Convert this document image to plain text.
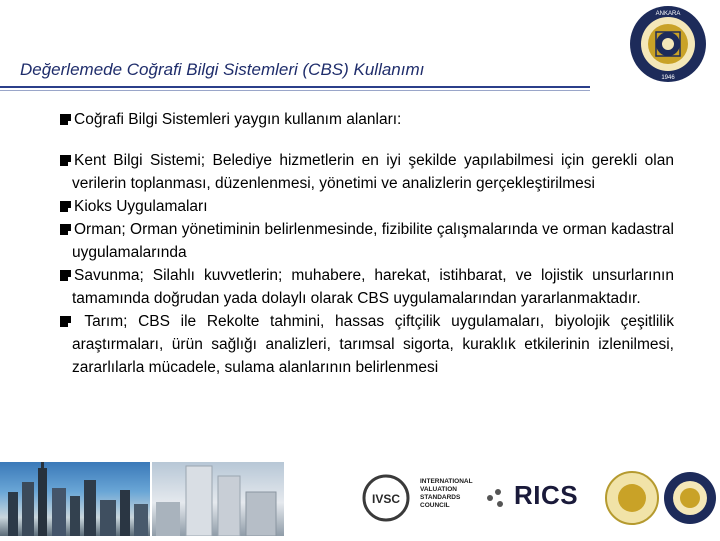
Değerlemede Coğrafi Bilgi Sistemleri (CBS) Kullanımı
ANKARA
1946
Coğrafi Bilgi Sistemleri yaygın kullanım alanları:
Kent Bilgi Sistemi; Belediye hizmetlerin en iyi şekilde yapılabilmesi için gerekli olan verilerin toplanması, düzenlenmesi, yönetimi ve analizlerin gerçekleştirilmesi
Kioks Uygulamaları
Orman; Orman yönetiminin belirlenmesinde, fizibilite çalışmalarında ve orman kadastral uygulamalarında
Savunma; Silahlı kuvvetlerin; muhabere, harekat, istihbarat, ve lojistik unsurlarının tamamında doğrudan yada dolaylı olarak CBS uygulamalarından yararlanmaktadır.
Tarım; CBS ile Rekolte tahmini, hassas çiftçilik uygulamaları, biyolojik çeşitlilik araştırmaları, ürün sağlığı analizleri, tarımsal sigorta, kuraklık etkilerinin izlenilmesi, zararlılarla mücadele, sulama alanlarının belirlenmesi
IVSC
INTERNATIONAL
VALUATION
STANDARDS
COUNCIL	RICS
